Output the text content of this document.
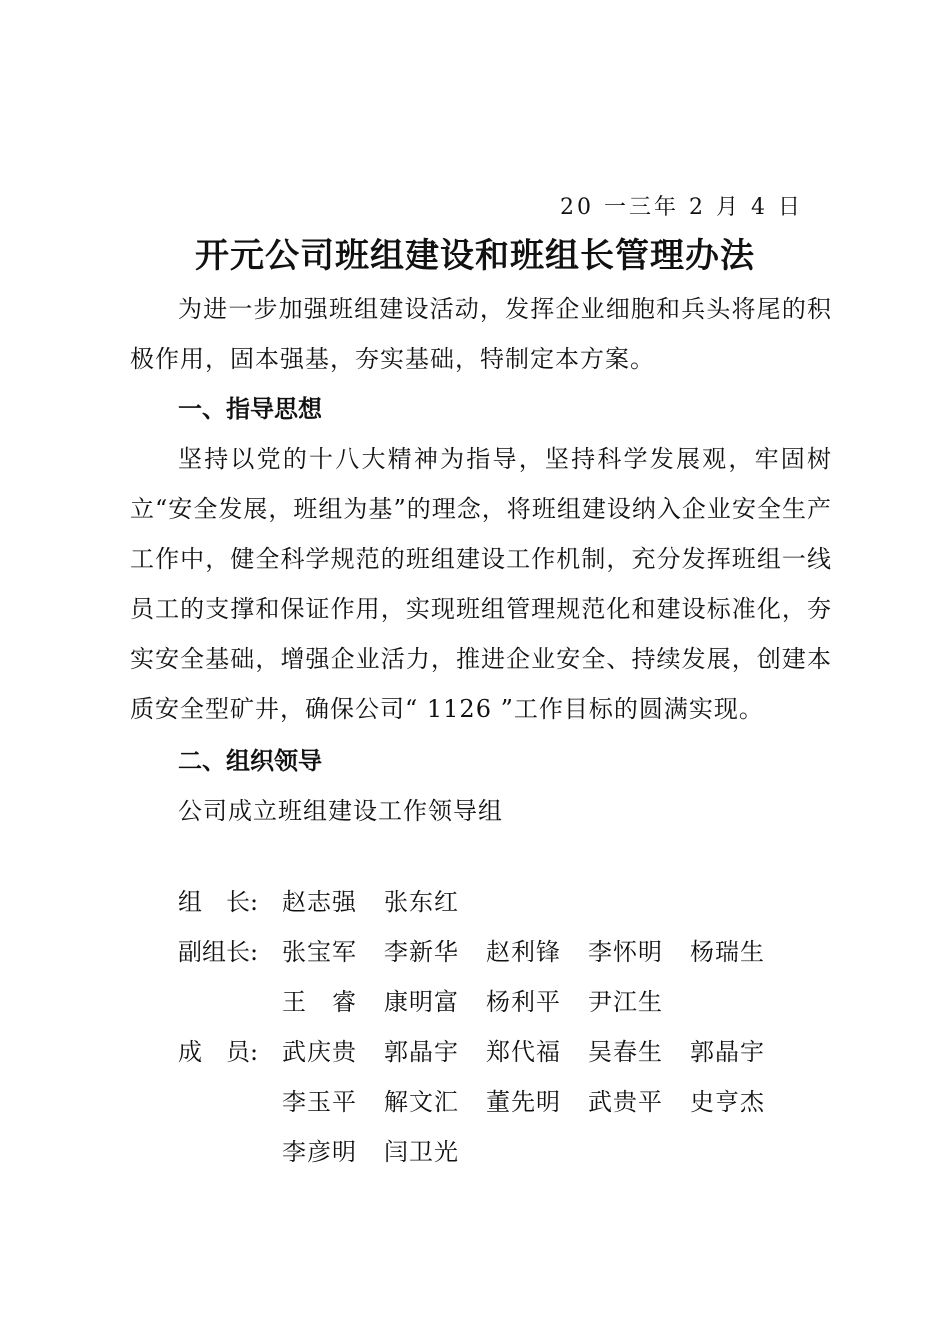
20 一三年 2 月 4 日
开元公司班组建设和班组长管理办法

为进一步加强班组建设活动，发挥企业细胞和兵头将尾的积极作用，固本强基，夯实基础，特制定本方案。

一、指导思想

坚持以党的十八大精神为指导，坚持科学发展观，牢固树立“安全发展，班组为基”的理念，将班组建设纳入企业安全生产工作中，健全科学规范的班组建设工作机制，充分发挥班组一线员工的支撑和保证作用，实现班组管理规范化和建设标准化，夯实安全基础，增强企业活力，推进企业安全、持续发展，创建本质安全型矿井，确保公司“ 1126 ”工作目标的圆满实现。

二、组织领导

公司成立班组建设工作领导组

组　长: 赵志强 张东红
副组长: 张宝军 李新华 赵利锋 李怀明 杨瑞生
王　睿 康明富 杨利平 尹江生
成　员: 武庆贵 郭晶宇 郑代福 吴春生 郭晶宇
李玉平 解文汇 董先明 武贵平 史亨杰
李彦明 闫卫光
